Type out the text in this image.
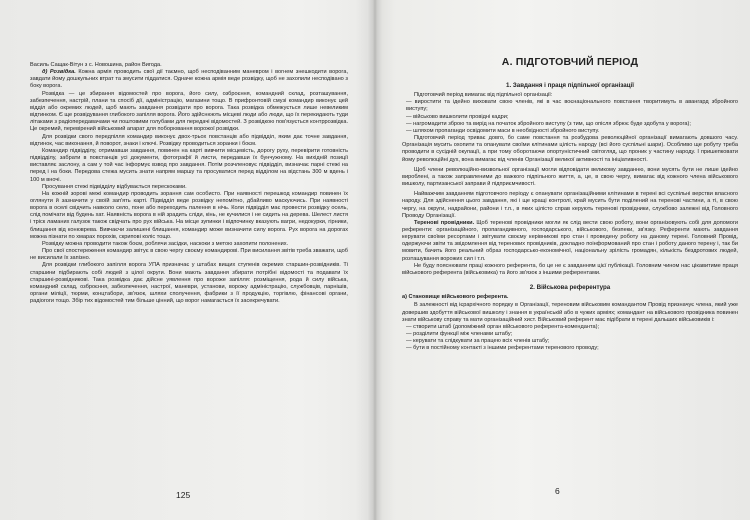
Василь Сащак-Вітун з с. Новошина, район Вигода.

д) Розвідка. Кожна армія проводить свої дії таємно, щоб несподіванним маневром і вогнем знешкодити ворога, завдати йому дошкульних втрат та змусити піддатися. Одначе кожна армія веде розвідку, щоб не захопили несподівано з боку ворога.

Розвідка — це збирання відомостей про ворога, його силу, озброєння, командний склад, розташування, забезпечення, настрій, плани та спосіб дії, адміністрацію, магазини тощо. В прифронтовій смузі командир виконує цей відділ або окремих людей, щоб мають завдання розвідати про ворога. Така розвідка обмежується лише невеликим відтинком. Є ще розвідування глибокого запілля ворога. Його здійснюють місцеві люди або люди, що їх перекидають туди літаками з радіопередавачами чи поштовими голубами для передачі відомостей. З розвідкою пов'язується контррозвідка. Це окремий, перевірений військовий апарат для поборювання ворожої розвідки.

Для розвідки свого передпілля командир виконує двох-трьох повстанців або підвідділ, яким дає точне завдання, відтинок, час виконання, й поворот, знаки і ключі. Розвідку проводиться зоранки і боєм.

Командир підвідділу, отримавши завдання, повинен на карті вивчити місцевість, дорогу руху, перевірити готовність підвідділу, забрати в повстанців усі документи, фотографії й листи, передавши їх бунчужному. На вихідній позиції виставляє заслону, а сам у той час інформує взвод про завдання. Потім розчленовує підвідділ, визначає парні стежі на перед і на боки. Передова стежа мусить знати напрям маршу та просуватися перед відділом на відстань 300 м вдень і 100 м вночі.

Просування стежі підвідділу відбувається перескоками.

На кожній зорові межі командир проводить зорання сам особисто. При наявності перешкод командир повинен їх оглянути й зазначити у своїй зап'ять карті. Підвідділ веде розвідку непомітно, дбайливо маскуючись. При наявності ворога в оселі свідчить навколо село, поне або переходить палення в нічь. Коли підвідділ має провести розвідку осель, слід помічати від будень хат. Наявність ворога в ній зрадить сліди, кінь, не кучилися і не сидить на дерева. Шелест листя і тріск ламаних галузок також свідчать про рух війська. На місце зупинки і відпочинку вказують вагри, недокурки, гірники, блищання від конюврева. Вивчаєчи залишені блищання, командир може визначити силу ворога. Рух ворога на дорогах можна пізнати по хмарах порохів, скрипові коліс тощо.

Розвідку можна проводити також боєм, роблячи засідки, наскоки з метою захопити полонених.

Про свої спостереження командир звітує в свою чергу своєму командирові. При висилання звітів треба зважати, щоб не висилали їх запізно.

Для розвідки глибокого запілля ворога УПА призначає у штабах вищих ступенів окремих старшин-розвідників. Ті старшини підбирають собі людей з цілої округи. Вони мають завдання збирати потрібні відомості та подавати їх старшині-розвідникові. Така розвідка дає дійсне уявлення про вороже запілля: розміщення, рода й силу війська, командний склад, озброєння, забезпечення, настрої, маневри, установи, ворожу адміністрацію, службовців, парнішів, органи міліції, тюрми, концтабори, зв'язок, шляхи сполучення, фабрики з її продукцію, торгівлю, фінансові органи, радіогоги тощо. Збір тих відомостей тим більше цінний, що ворог намагається їх засекречувати.

125
А. ПІДГОТОВЧИЙ ПЕРІОД
1. Завдання і праця підпільної організації

Підготовчий період вимагає від підпільної організації:

— виростити та ідейно виховати свою членів, які в час воєнаціонального повстання творитимуть в авангард збройного виступу;

— військово вишколити провідні кадри;

— нагромадити зброю та вирід на початок збройного виступу (з тим, що опісля збрює буде здобута у ворога);

— шляхом пропаганди освідомити маси в необхідності збройного виступу.

Підготовчий період триває довго, бо саме повстання та розбудова революційної організації вимагають довшого часу. Організація мусить охопити та опанувати своїми клітинами цілість народу (всі його суспільні шари). Особливо ще робуту треба проводити в сусідній окупації, а при тому оборотаючи опортуністичний світогляд, що проник у частину народу. І пришепковати йому революційні дух, вона вимагає від членів Організації великої активності та ініціативності.

Щоб члени революційно-визвольної організації могли відповідати великому завданню, вони мусять бути не лише ідейно вироблені, а також заправленими до важкого підпільного життя, а, це, в свою чергу, вимагає від кожного члена військового вишколу, партизанської заправи й підприємчивості.

Найважчим завданням підготовчого періоду є опанувати організаційними клітинами в терені всі суспільні верстви власного народу. Для здійснення цього завдання, які і ще кращі контролі, край мусить бути поділений на теренові частини, а ті, в свою чергу, на округи, надрайони, райони і т.п., в яких цілісто справ керують теренові провідники, службово залежні від Головного Проводу Організації.

Теренові провідники. Щоб теренові провідники могли як слід вести свою роботу, вони організовують собі для допомоги референти: організаційного, пропагандивного, господарського, військового, безпеки, зв'язку. Референти мають завдання керувати своїми ресортами і звітувати своєму керівникові про стан і проведену роботу на даному терені. Головний Провід, одержуючи звіти та звідомлення від теренових провідників, докладно поінформований про стан і роботу даного терену і, так би мовити, бачить його реальний образ господарсько-економічної, національну зрілість громадян, кількість бездротових людей, розташування ворожих сил і т.п.

Не буду пояснювати праці кожного референта, бо це не є завданням цієї публікації. Головним чином нас цікавитиме праця військового референта (військовика) та його зв'язок з іншими референтами.

2. Військова референтура

а) Становище військового референта.

В залежності від ієрархічного порядку в Організації, тереновим військовим командантом Провід призначує члена, який уже довершив здобуття військової вишколу і знання в українській або в чужих арміях; командант на військового провідника повинен знати військову справу та мати організаційний хист. Військовий референт має підібрати в терені дальших військовиків і:

— створити штаб (допоміжний орган військового референта-коменданта);

— розділити функції між членами штабу;

— керувати та слідкувати за працею всіх членів штабу;

— бути в постійному контакті з іншими референтами теренового проводу;

6
